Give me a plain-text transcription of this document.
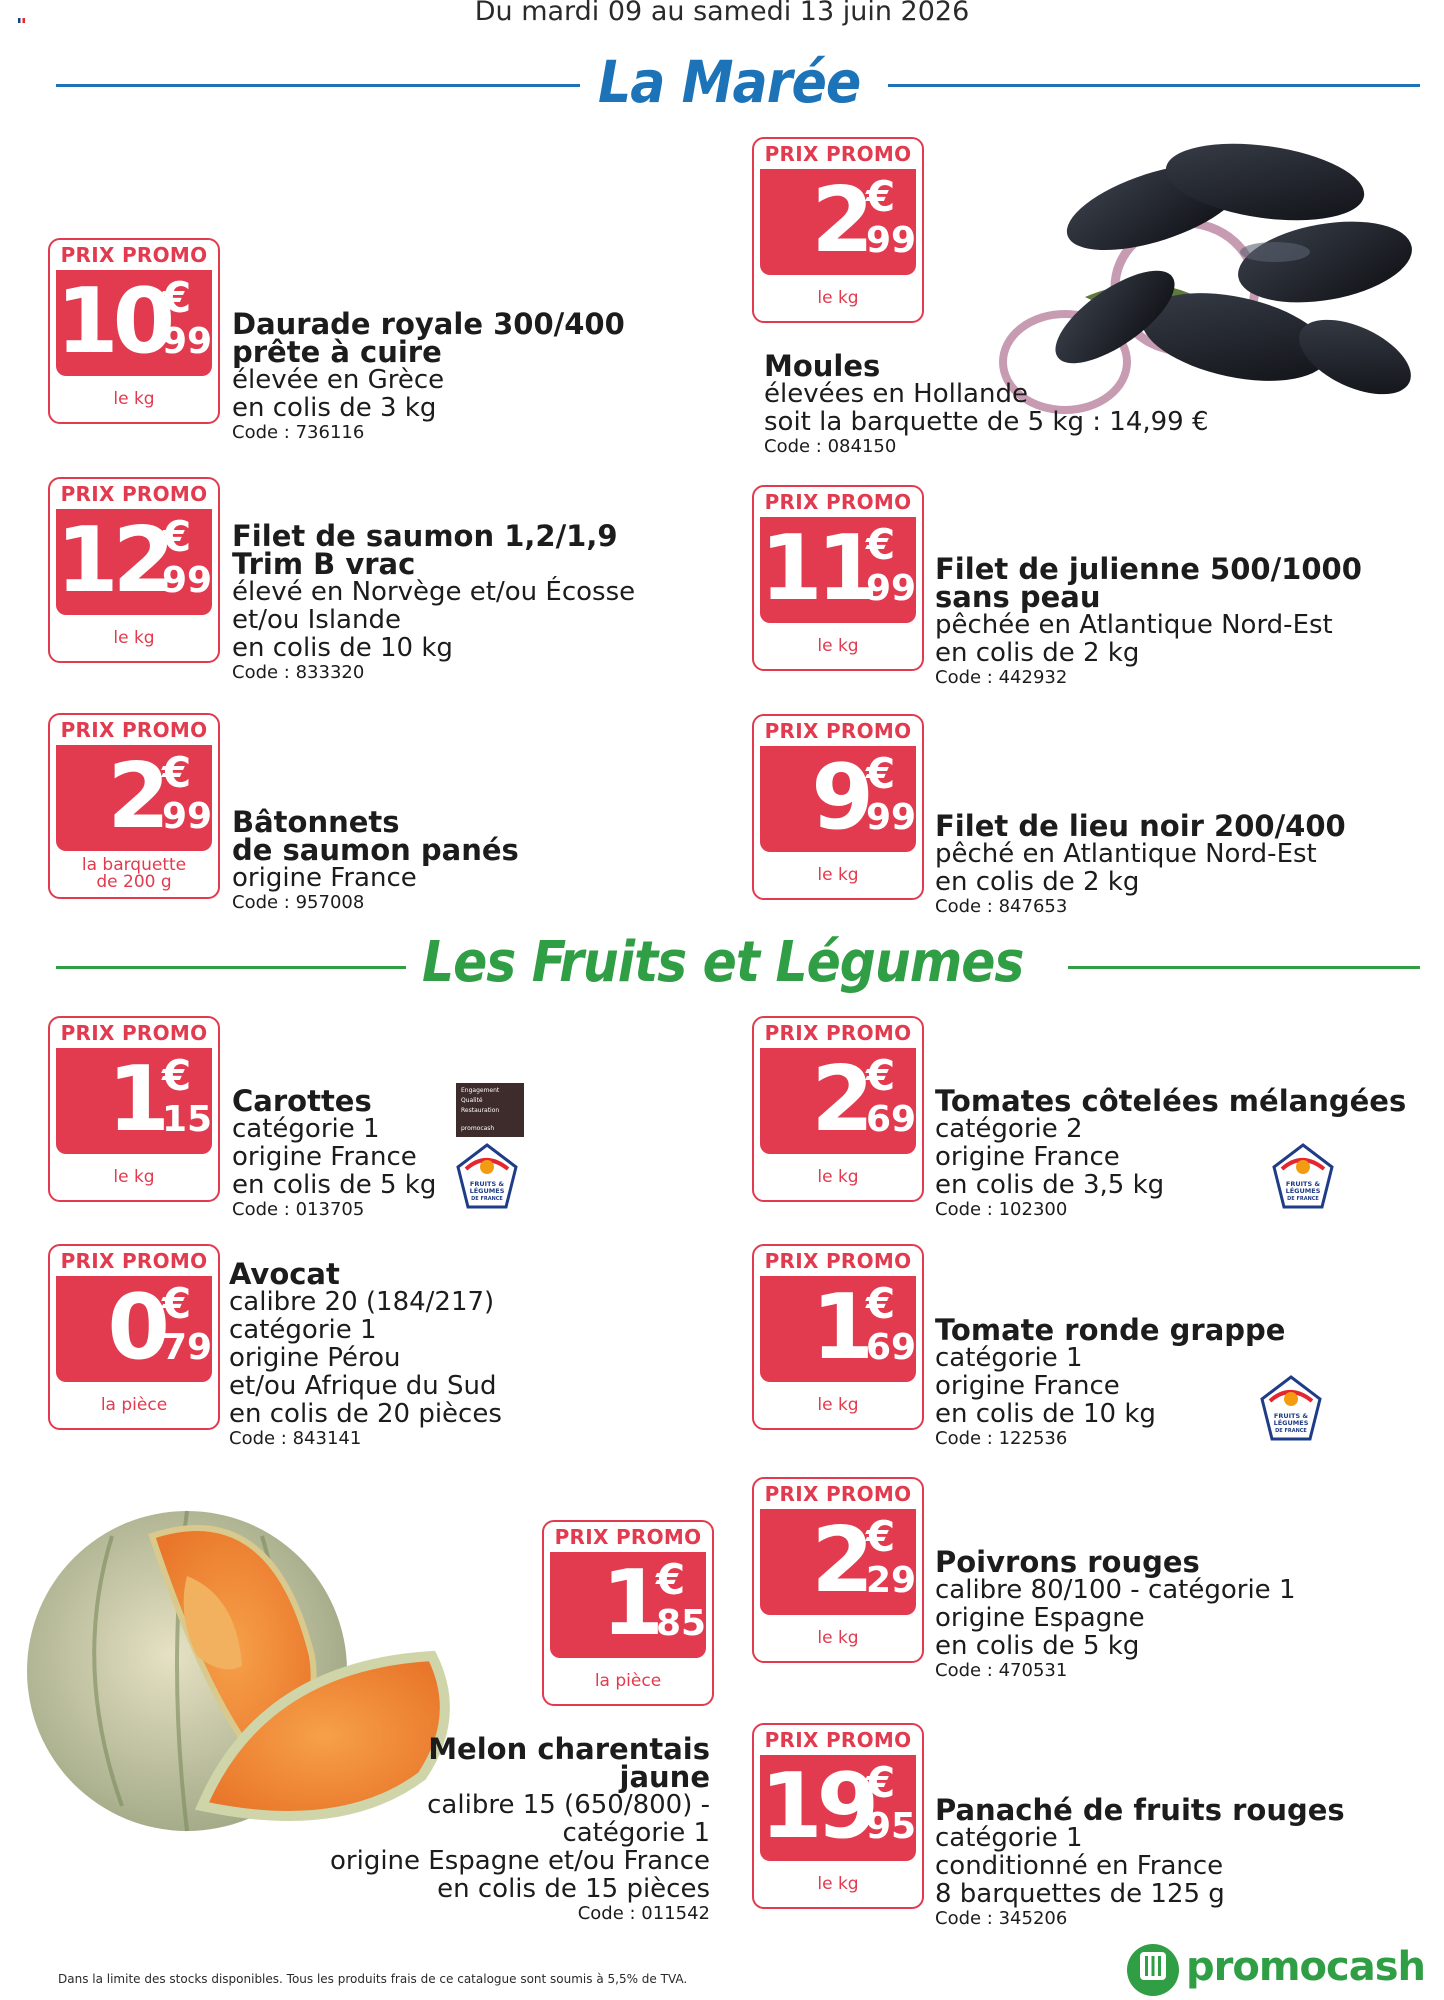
Du mardi 09 au samedi 13 juin 2026
La Marée
PRIX PROMO
2
€
99
le kg
Moules
élevées en Hollande
soit la barquette de 5 kg : 14,99 €
Code : 084150
PRIX PROMO
10
€
99
le kg
Daurade royale 300/400
prête à cuire
élevée en Grèce
en colis de 3 kg
Code : 736116
PRIX PROMO
12
€
99
le kg
Filet de saumon 1,2/1,9
Trim B vrac
élevé en Norvège et/ou Écosse
et/ou Islande
en colis de 10 kg
Code : 833320
PRIX PROMO
11
€
99
le kg
Filet de julienne 500/1000
sans peau
pêchée en Atlantique Nord-Est
en colis de 2 kg
Code : 442932
PRIX PROMO
2
€
99
la barquette
de 200 g
Bâtonnets
de saumon panés
origine France
Code : 957008
PRIX PROMO
9
€
99
le kg
Filet de lieu noir 200/400
pêché en Atlantique Nord-Est
en colis de 2 kg
Code : 847653
Les Fruits et Légumes
PRIX PROMO
1
€
15
le kg
Carottes
catégorie 1
origine France
en colis de 5 kg
Code : 013705
Engagement
Qualité
Restauration
promocash
FRUITS &
LÉGUMES
DE FRANCE
PRIX PROMO
2
€
69
le kg
Tomates côtelées mélangées
catégorie 2
origine France
en colis de 3,5 kg
Code : 102300
FRUITS &
LÉGUMES
DE FRANCE
PRIX PROMO
0
€
79
la pièce
Avocat
calibre 20 (184/217)
catégorie 1
origine Pérou
et/ou Afrique du Sud
en colis de 20 pièces
Code : 843141
PRIX PROMO
1
€
69
le kg
Tomate ronde grappe
catégorie 1
origine France
en colis de 10 kg
Code : 122536
FRUITS &
LÉGUMES
DE FRANCE
PRIX PROMO
1
€
85
la pièce
Melon charentais
jaune
calibre 15 (650/800) -
catégorie 1
origine Espagne et/ou France
en colis de 15 pièces
Code : 011542
PRIX PROMO
2
€
29
le kg
Poivrons rouges
calibre 80/100 - catégorie 1
origine Espagne
en colis de 5 kg
Code : 470531
PRIX PROMO
19
€
95
le kg
Panaché de fruits rouges
catégorie 1
conditionné en France
8 barquettes de 125 g
Code : 345206
Dans la limite des stocks disponibles. Tous les produits frais de ce catalogue sont soumis à 5,5% de TVA.	promocash
